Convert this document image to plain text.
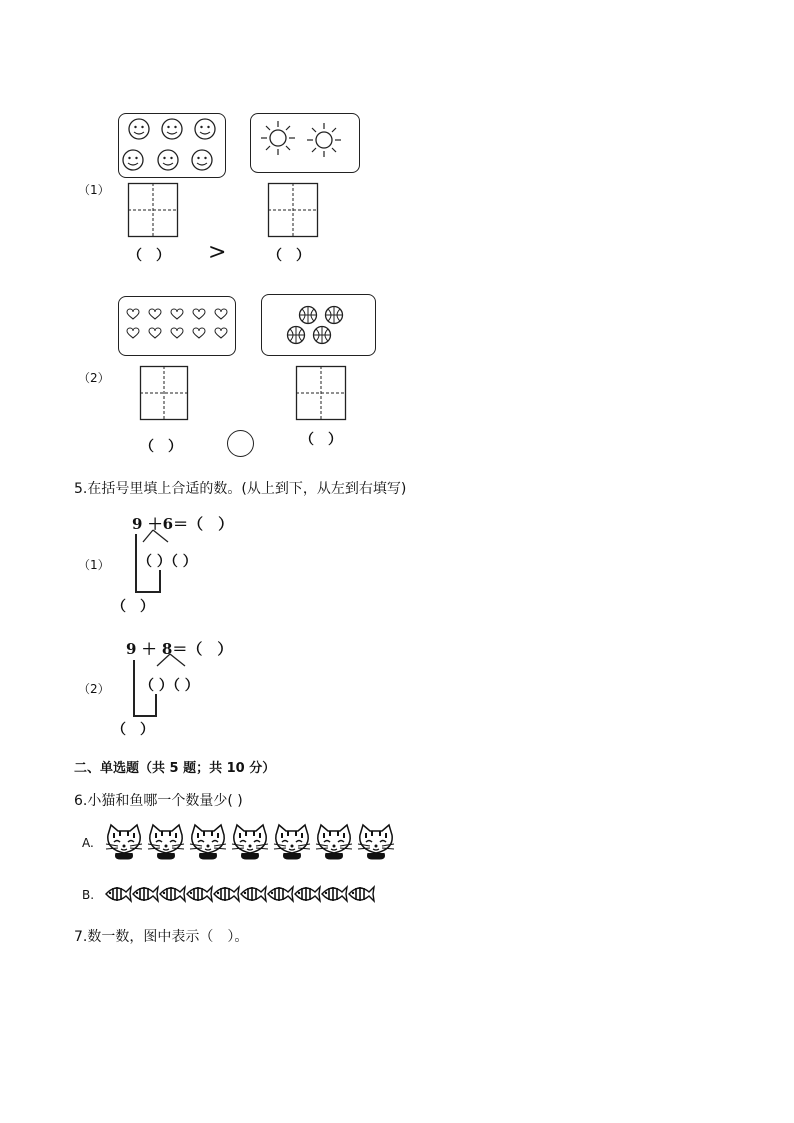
（1）
（　） >	（　）
（2）
（　）	（　）
5.在括号里填上合适的数。(从上到下，从左到右填写)
（1）
9 ＋6＝（　）
（ ）（ ）
（　）
（2）
9 ＋ 8＝（　）
（ ）（ ）
（　）
二、单选题（共 5 题；共 10 分）
6.小猫和鱼哪一个数量少( )
A.
B.
7.数一数，图中表示（　）。
